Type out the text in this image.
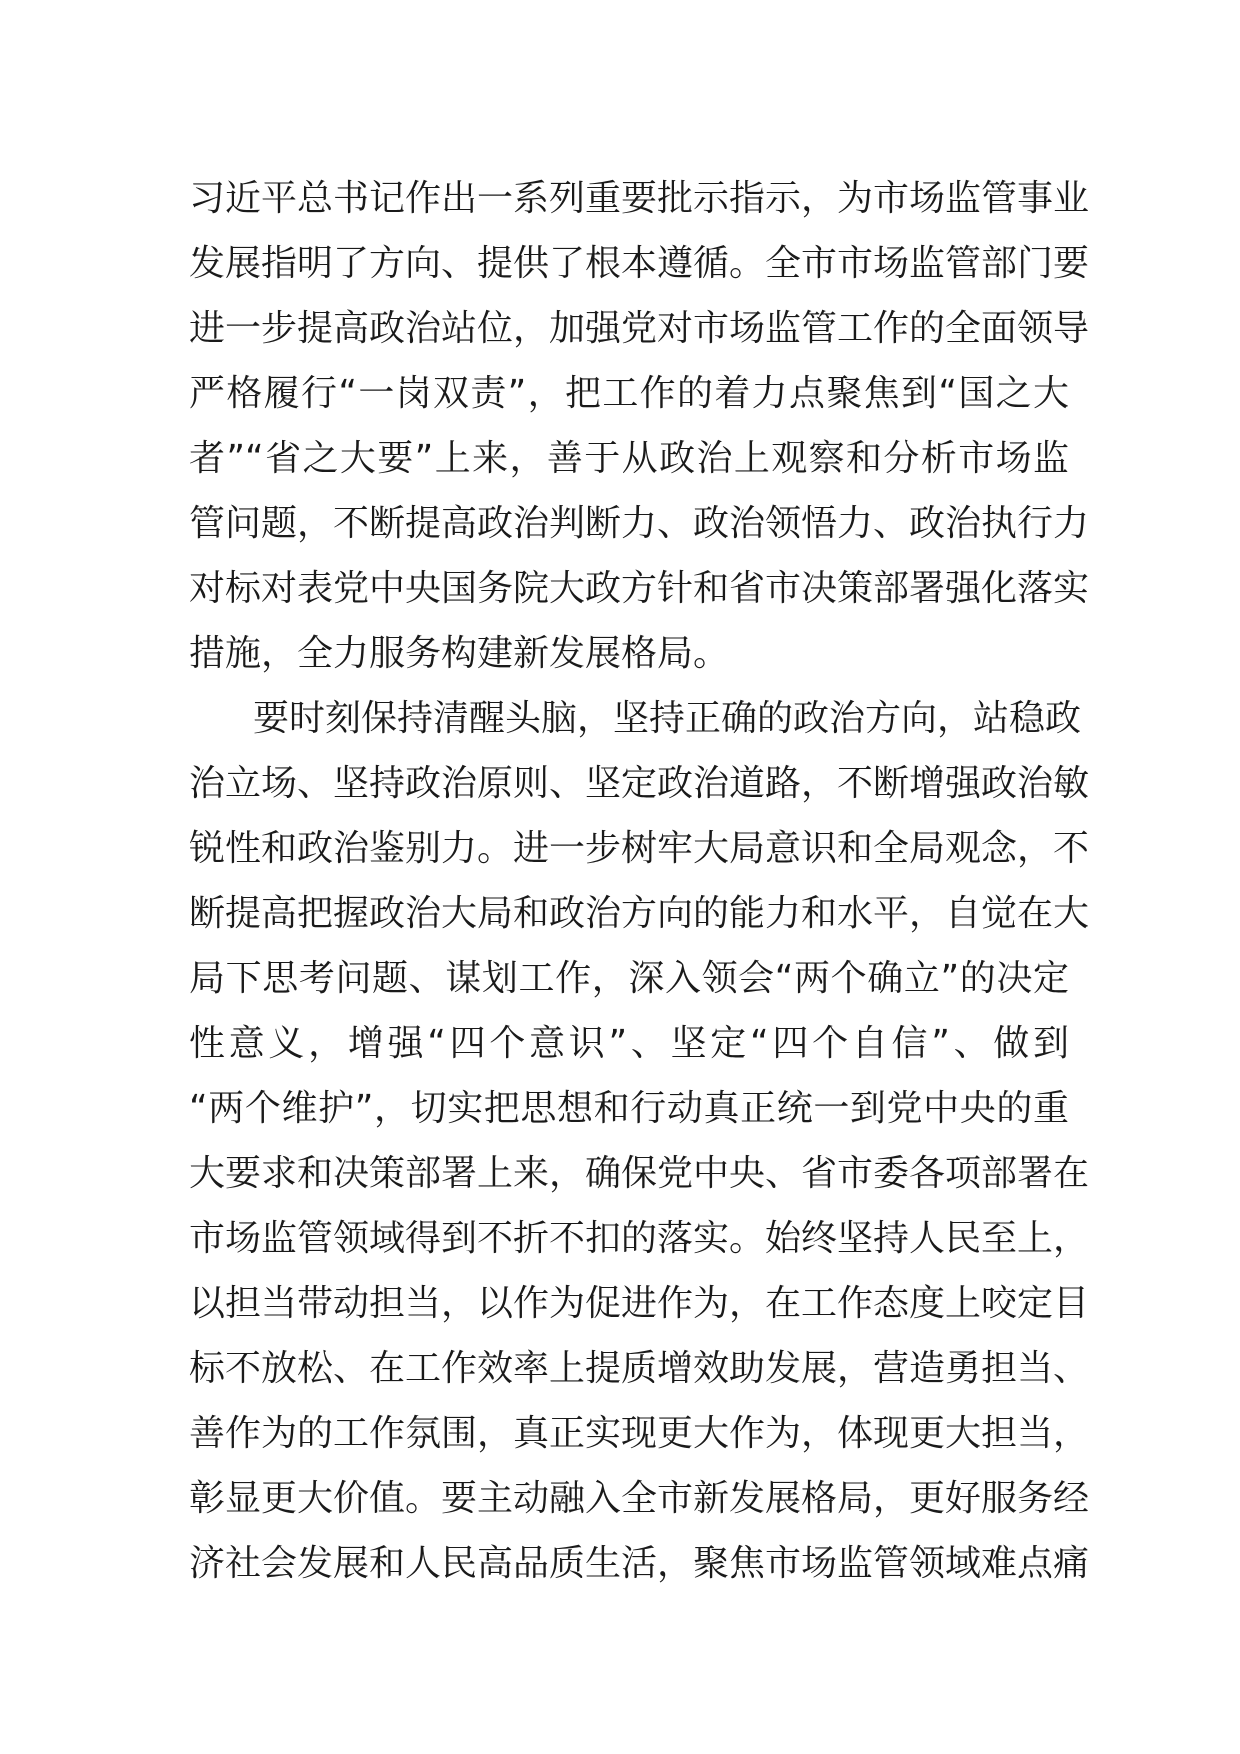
习近平总书记作出一系列重要批示指示，为市场监管事业
发展指明了方向、提供了根本遵循。全市市场监管部门要
进一步提高政治站位，加强党对市场监管工作的全面领导
严格履行“一岗双责”，把工作的着力点聚焦到“国之大
者”“省之大要”上来，善于从政治上观察和分析市场监
管问题，不断提高政治判断力、政治领悟力、政治执行力
对标对表党中央国务院大政方针和省市决策部署强化落实
措施，全力服务构建新发展格局。
要时刻保持清醒头脑，坚持正确的政治方向，站稳政
治立场、坚持政治原则、坚定政治道路，不断增强政治敏
锐性和政治鉴别力。进一步树牢大局意识和全局观念，不
断提高把握政治大局和政治方向的能力和水平，自觉在大
局下思考问题、谋划工作，深入领会“两个确立”的决定
性意义，增强“四个意识”、坚定“四个自信”、做到
“两个维护”，切实把思想和行动真正统一到党中央的重
大要求和决策部署上来，确保党中央、省市委各项部署在
市场监管领域得到不折不扣的落实。始终坚持人民至上，
以担当带动担当，以作为促进作为，在工作态度上咬定目
标不放松、在工作效率上提质增效助发展，营造勇担当、
善作为的工作氛围，真正实现更大作为，体现更大担当，
彰显更大价值。要主动融入全市新发展格局，更好服务经
济社会发展和人民高品质生活，聚焦市场监管领域难点痛
